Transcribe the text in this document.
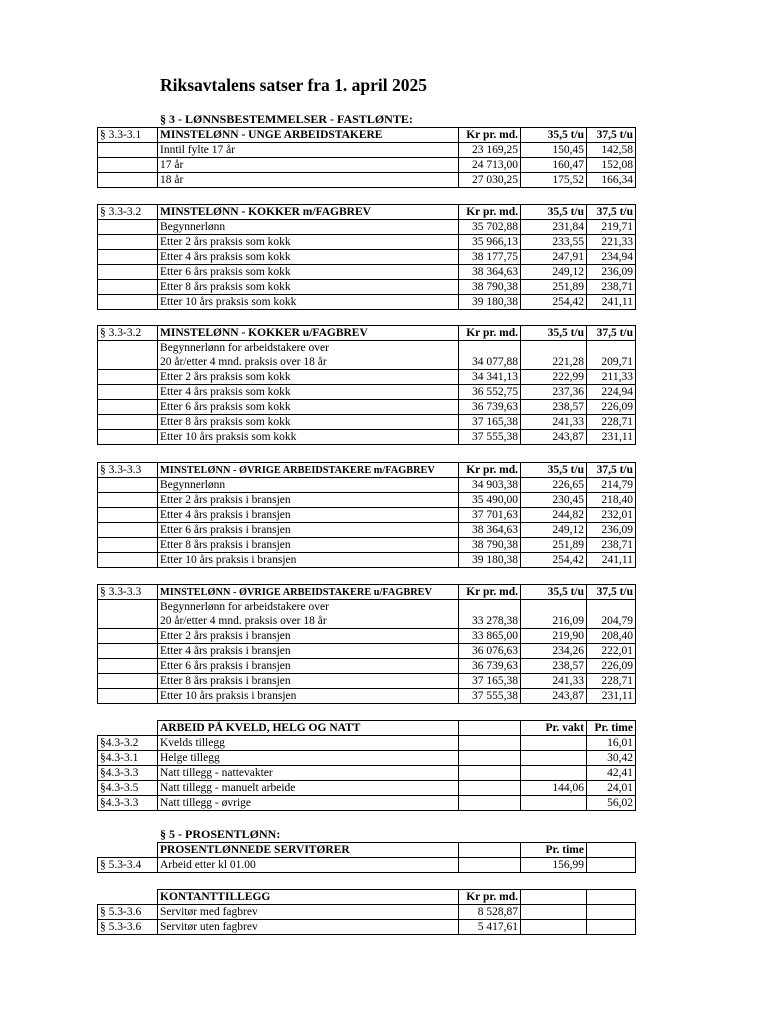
Riksavtalens satser fra 1. april 2025
§ 3 - LØNNSBESTEMMELSER - FASTLØNTE:
§ 3.3-3.1	MINSTELØNN - UNGE ARBEIDSTAKERE	Kr pr. md.	35,5 t/u	37,5 t/u
	Inntil fylte 17 år	23 169,25	150,45	142,58
	17 år	24 713,00	160,47	152,08
	18 år	27 030,25	175,52	166,34
§ 3.3-3.2	MINSTELØNN - KOKKER m/FAGBREV	Kr pr. md.	35,5 t/u	37,5 t/u
	Begynnerlønn	35 702,88	231,84	219,71
	Etter 2 års praksis som kokk	35 966,13	233,55	221,33
	Etter 4 års praksis som kokk	38 177,75	247,91	234,94
	Etter 6 års praksis som kokk	38 364,63	249,12	236,09
	Etter 8 års praksis som kokk	38 790,38	251,89	238,71
	Etter 10 års praksis som kokk	39 180,38	254,42	241,11
§ 3.3-3.2	MINSTELØNN - KOKKER u/FAGBREV	Kr pr. md.	35,5 t/u	37,5 t/u

	Begynnerlønn for arbeidstakere over
20 år/etter 4 mnd. praksis over 18 år	34 077,88	221,28	209,71
	Etter 2 års praksis som kokk	34 341,13	222,99	211,33
	Etter 4 års praksis som kokk	36 552,75	237,36	224,94
	Etter 6 års praksis som kokk	36 739,63	238,57	226,09
	Etter 8 års praksis som kokk	37 165,38	241,33	228,71
	Etter 10 års praksis som kokk	37 555,38	243,87	231,11
§ 3.3-3.3	MINSTELØNN - ØVRIGE ARBEIDSTAKERE m/FAGBREV	Kr pr. md.	35,5 t/u	37,5 t/u
	Begynnerlønn	34 903,38	226,65	214,79
	Etter 2 års praksis i bransjen	35 490,00	230,45	218,40
	Etter 4 års praksis i bransjen	37 701,63	244,82	232,01
	Etter 6 års praksis i bransjen	38 364,63	249,12	236,09
	Etter 8 års praksis i bransjen	38 790,38	251,89	238,71
	Etter 10 års praksis i bransjen	39 180,38	254,42	241,11
§ 3.3-3.3	MINSTELØNN - ØVRIGE ARBEIDSTAKERE u/FAGBREV	Kr pr. md.	35,5 t/u	37,5 t/u

	Begynnerlønn for arbeidstakere over
20 år/etter 4 mnd. praksis over 18 år	33 278,38	216,09	204,79
	Etter 2 års praksis i bransjen	33 865,00	219,90	208,40
	Etter 4 års praksis i bransjen	36 076,63	234,26	222,01
	Etter 6 års praksis i bransjen	36 739,63	238,57	226,09
	Etter 8 års praksis i bransjen	37 165,38	241,33	228,71
	Etter 10 års praksis i bransjen	37 555,38	243,87	231,11
	ARBEID PÅ KVELD, HELG OG NATT		Pr. vakt	Pr. time
§4.3-3.2	Kvelds tillegg			16,01
§4.3-3.1	Helge tillegg			30,42
§4.3-3.3	Natt tillegg - nattevakter			42,41
§4.3-3.5	Natt tillegg - manuelt arbeide		144,06	24,01
§4.3-3.3	Natt tillegg - øvrige			56,02
§ 5 - PROSENTLØNN:
	PROSENTLØNNEDE SERVITØRER		Pr. time	
§ 5.3-3.4	Arbeid etter kl 01.00		156,99	
	KONTANTTILLEGG	Kr pr. md.		
§ 5.3-3.6	Servitør med fagbrev	8 528,87		
§ 5.3-3.6	Servitør uten fagbrev	5 417,61		
